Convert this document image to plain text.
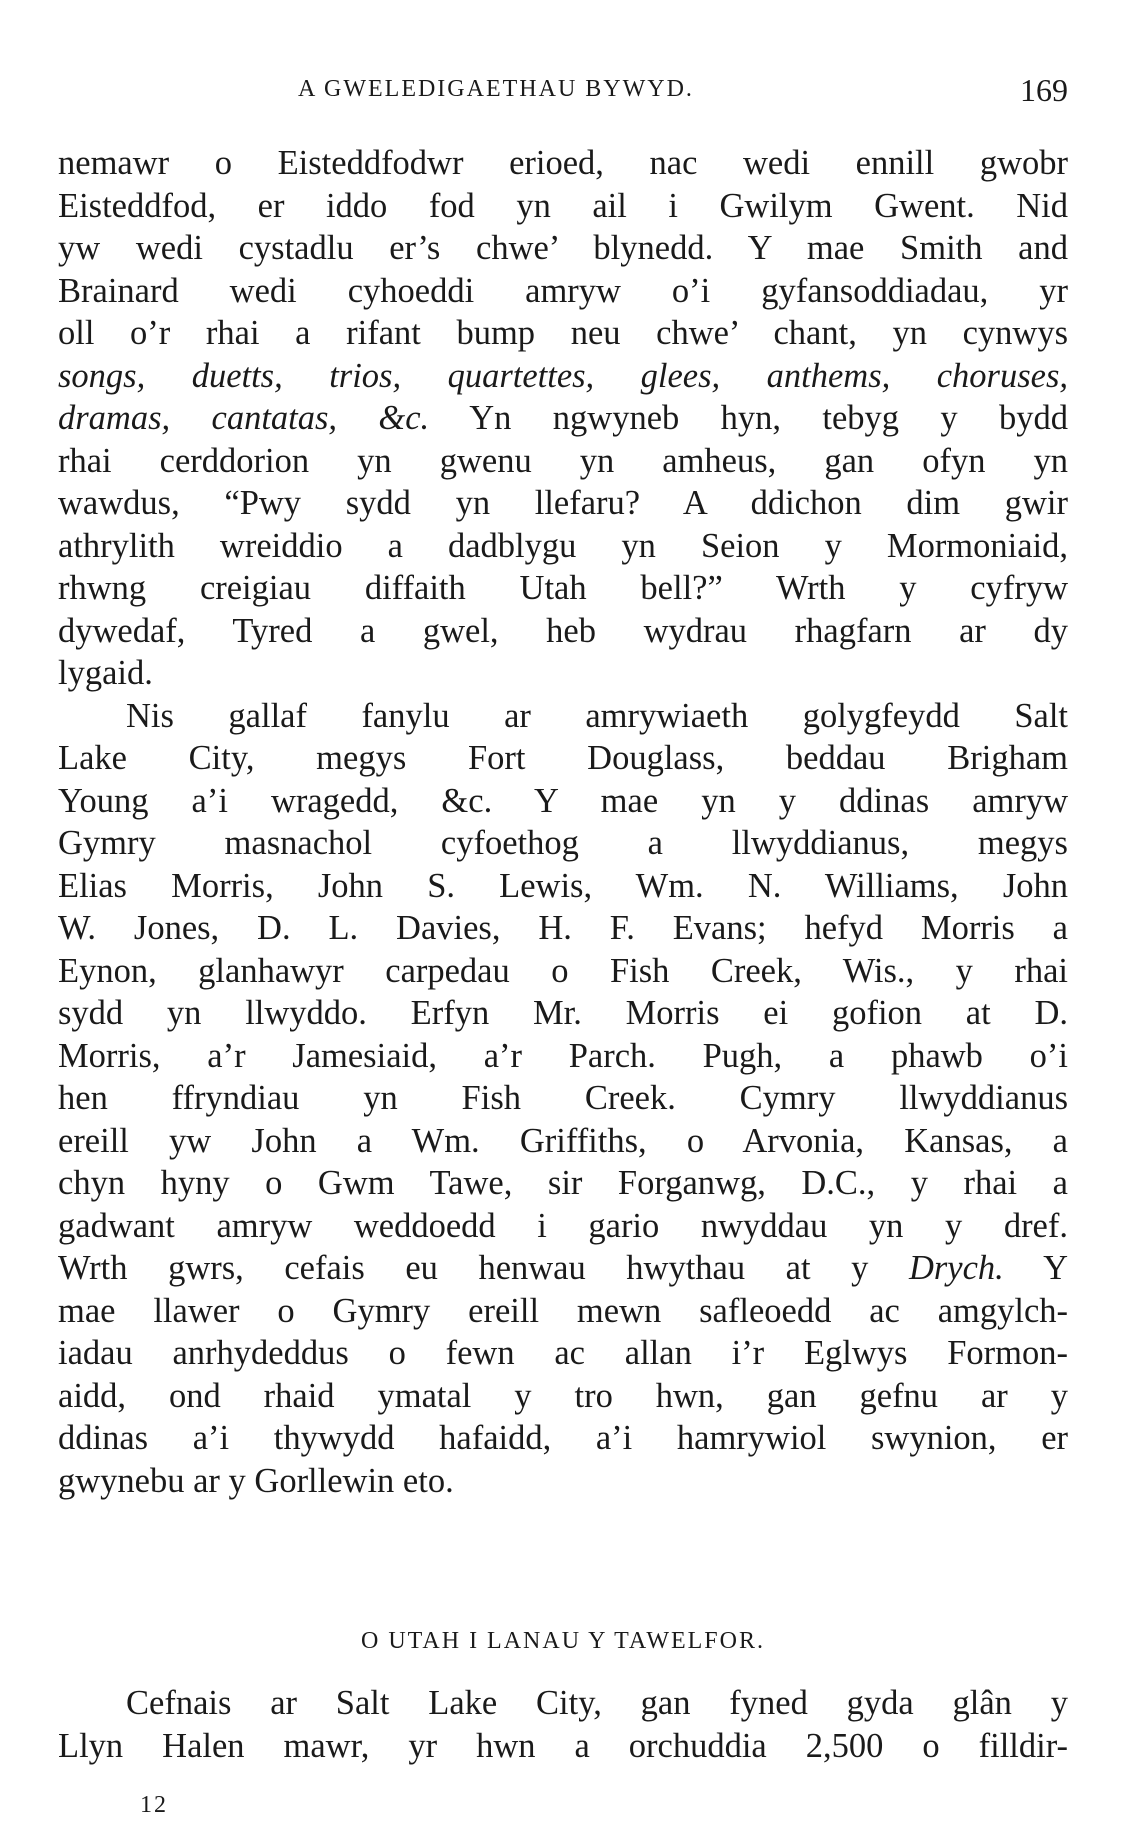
A GWELEDIGAETHAU BYWYD.	169
nemawr o Eisteddfodwr erioed, nac wedi ennill gwobr
Eisteddfod, er iddo fod yn ail i Gwilym Gwent. Nid
yw wedi cystadlu er’s chwe’ blynedd. Y mae Smith and
Brainard wedi cyhoeddi amryw o’i gyfansoddiadau, yr
oll o’r rhai a rifant bump neu chwe’ chant, yn cynwys
songs, duetts, trios, quartettes, glees, anthems, choruses,
dramas, cantatas, &c. Yn ngwyneb hyn, tebyg y bydd
rhai cerddorion yn gwenu yn amheus, gan ofyn yn
wawdus, “Pwy sydd yn llefaru? A ddichon dim gwir
athrylith wreiddio a dadblygu yn Seion y Mormoniaid,
rhwng creigiau diffaith Utah bell?” Wrth y cyfryw
dywedaf, Tyred a gwel, heb wydrau rhagfarn ar dy
lygaid.
Nis gallaf fanylu ar amrywiaeth golygfeydd Salt
Lake City, megys Fort Douglass, beddau Brigham
Young a’i wragedd, &c. Y mae yn y ddinas amryw
Gymry masnachol cyfoethog a llwyddianus, megys
Elias Morris, John S. Lewis, Wm. N. Williams, John
W. Jones, D. L. Davies, H. F. Evans; hefyd Morris a
Eynon, glanhawyr carpedau o Fish Creek, Wis., y rhai
sydd yn llwyddo. Erfyn Mr. Morris ei gofion at D.
Morris, a’r Jamesiaid, a’r Parch. Pugh, a phawb o’i
hen ffryndiau yn Fish Creek. Cymry llwyddianus
ereill yw John a Wm. Griffiths, o Arvonia, Kansas, a
chyn hyny o Gwm Tawe, sir Forganwg, D.C., y rhai a
gadwant amryw weddoedd i gario nwyddau yn y dref.
Wrth gwrs, cefais eu henwau hwythau at y Drych. Y
mae llawer o Gymry ereill mewn safleoedd ac amgylch-
iadau anrhydeddus o fewn ac allan i’r Eglwys Formon-
aidd, ond rhaid ymatal y tro hwn, gan gefnu ar y
ddinas a’i thywydd hafaidd, a’i hamrywiol swynion, er
gwynebu ar y Gorllewin eto.
O UTAH I LANAU Y TAWELFOR.
Cefnais ar Salt Lake City, gan fyned gyda glân y
Llyn Halen mawr, yr hwn a orchuddia 2,500 o filldir-
12
